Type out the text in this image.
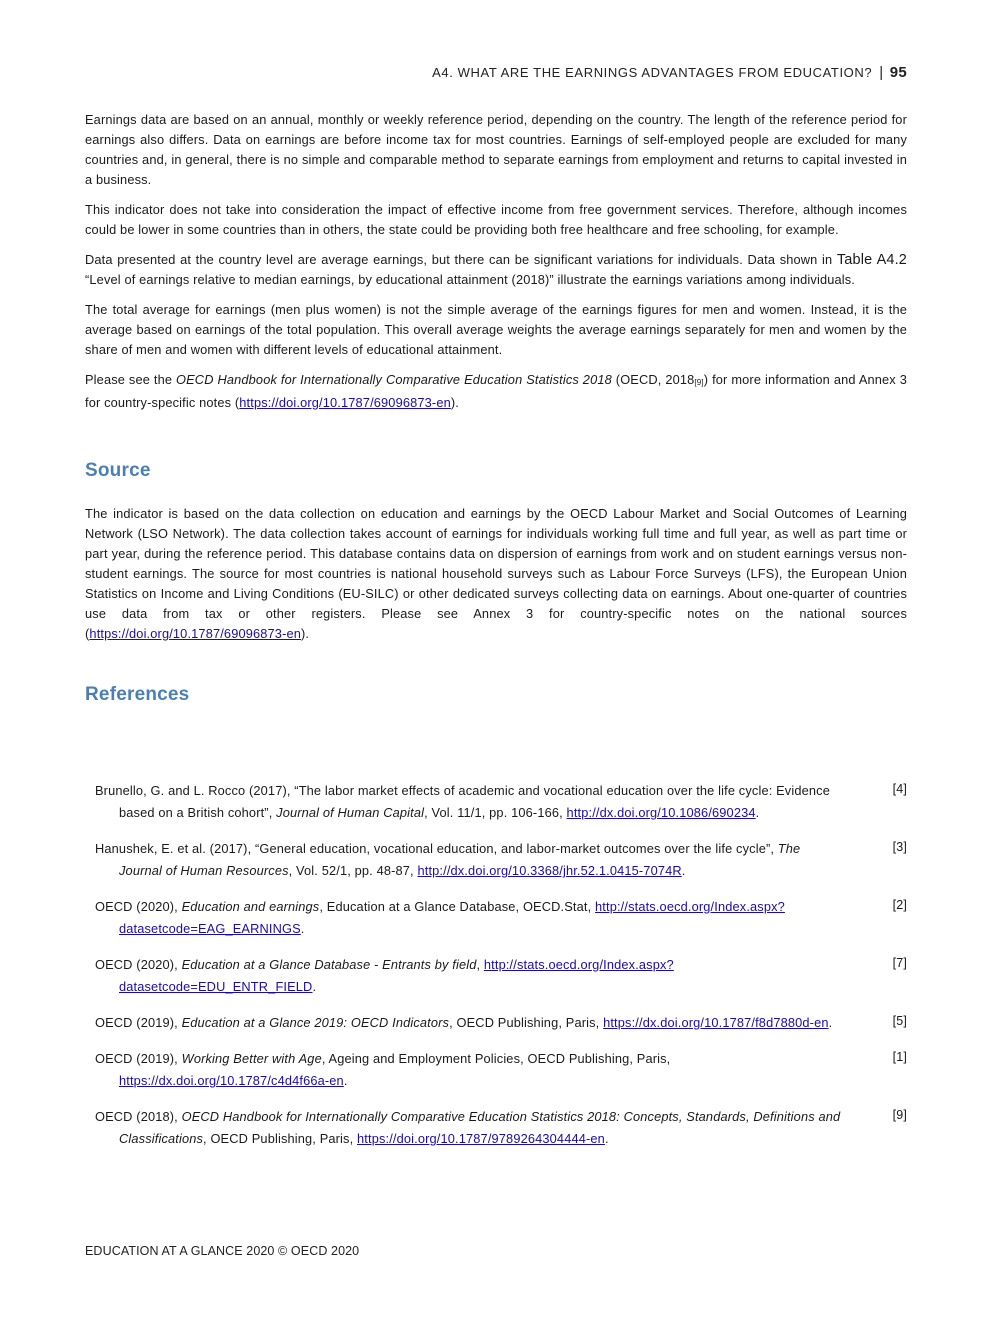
A4. WHAT ARE THE EARNINGS ADVANTAGES FROM EDUCATION? | 95

Earnings data are based on an annual, monthly or weekly reference period, depending on the country. The length of the reference period for earnings also differs. Data on earnings are before income tax for most countries. Earnings of self-employed people are excluded for many countries and, in general, there is no simple and comparable method to separate earnings from employment and returns to capital invested in a business.

This indicator does not take into consideration the impact of effective income from free government services. Therefore, although incomes could be lower in some countries than in others, the state could be providing both free healthcare and free schooling, for example.

Data presented at the country level are average earnings, but there can be significant variations for individuals. Data shown in Table A4.2 “Level of earnings relative to median earnings, by educational attainment (2018)” illustrate the earnings variations among individuals.

The total average for earnings (men plus women) is not the simple average of the earnings figures for men and women. Instead, it is the average based on earnings of the total population. This overall average weights the average earnings separately for men and women by the share of men and women with different levels of educational attainment.

Please see the OECD Handbook for Internationally Comparative Education Statistics 2018 (OECD, 2018[9]) for more information and Annex 3 for country-specific notes (https://doi.org/10.1787/69096873-en).

Source

The indicator is based on the data collection on education and earnings by the OECD Labour Market and Social Outcomes of Learning Network (LSO Network). The data collection takes account of earnings for individuals working full time and full year, as well as part time or part year, during the reference period. This database contains data on dispersion of earnings from work and on student earnings versus non-student earnings. The source for most countries is national household surveys such as Labour Force Surveys (LFS), the European Union Statistics on Income and Living Conditions (EU-SILC) or other dedicated surveys collecting data on earnings. About one-quarter of countries use data from tax or other registers. Please see Annex 3 for country-specific notes on the national sources (https://doi.org/10.1787/69096873-en).

References
Brunello, G. and L. Rocco (2017), “The labor market effects of academic and vocational education over the life cycle: Evidence based on a British cohort”, Journal of Human Capital, Vol. 11/1, pp. 106-166, http://dx.doi.org/10.1086/690234.
[4]
Hanushek, E. et al. (2017), “General education, vocational education, and labor-market outcomes over the life cycle”, The Journal of Human Resources, Vol. 52/1, pp. 48-87, http://dx.doi.org/10.3368/jhr.52.1.0415-7074R.
[3]
OECD (2020), Education and earnings, Education at a Glance Database, OECD.Stat, http://stats.oecd.org/Index.aspx?datasetcode=EAG_EARNINGS.
[2]
OECD (2020), Education at a Glance Database - Entrants by field, http://stats.oecd.org/Index.aspx?datasetcode=EDU_ENTR_FIELD.
[7]
OECD (2019), Education at a Glance 2019: OECD Indicators, OECD Publishing, Paris, https://dx.doi.org/10.1787/f8d7880d-en.	[5]
OECD (2019), Working Better with Age, Ageing and Employment Policies, OECD Publishing, Paris, https://dx.doi.org/10.1787/c4d4f66a-en.
[1]
OECD (2018), OECD Handbook for Internationally Comparative Education Statistics 2018: Concepts, Standards, Definitions and Classifications, OECD Publishing, Paris, https://doi.org/10.1787/9789264304444-en.
[9]
EDUCATION AT A GLANCE 2020 © OECD 2020
